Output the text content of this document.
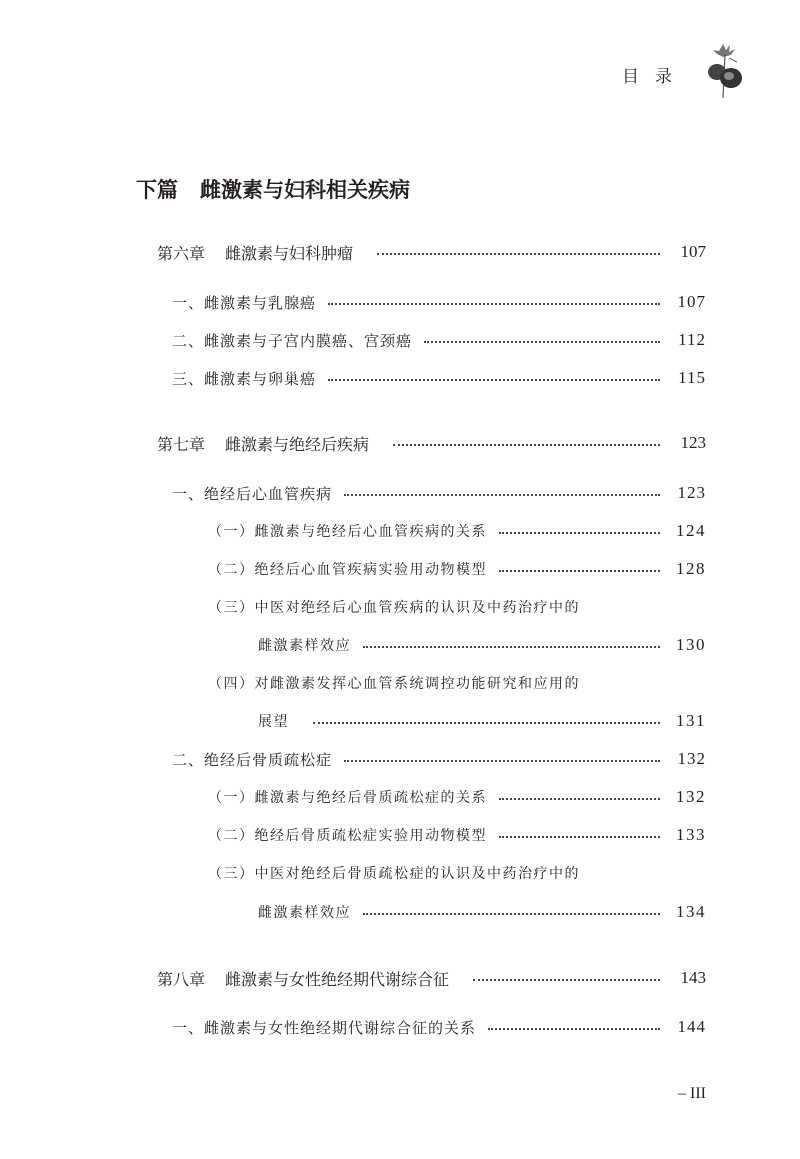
目 录
下篇 雌激素与妇科相关疾病
第六章 雌激素与妇科肿瘤	107
一、雌激素与乳腺癌	107
二、雌激素与子宫内膜癌、宫颈癌	112
三、雌激素与卵巢癌	115
第七章 雌激素与绝经后疾病	123
一、绝经后心血管疾病	123
（一）雌激素与绝经后心血管疾病的关系	124
（二）绝经后心血管疾病实验用动物模型	128
（三）中医对绝经后心血管疾病的认识及中药治疗中的
雌激素样效应	130
（四）对雌激素发挥心血管系统调控功能研究和应用的
展望	131
二、绝经后骨质疏松症	132
（一）雌激素与绝经后骨质疏松症的关系	132
（二）绝经后骨质疏松症实验用动物模型	133
（三）中医对绝经后骨质疏松症的认识及中药治疗中的
雌激素样效应	134
第八章 雌激素与女性绝经期代谢综合征	143
一、雌激素与女性绝经期代谢综合征的关系	144
– III
